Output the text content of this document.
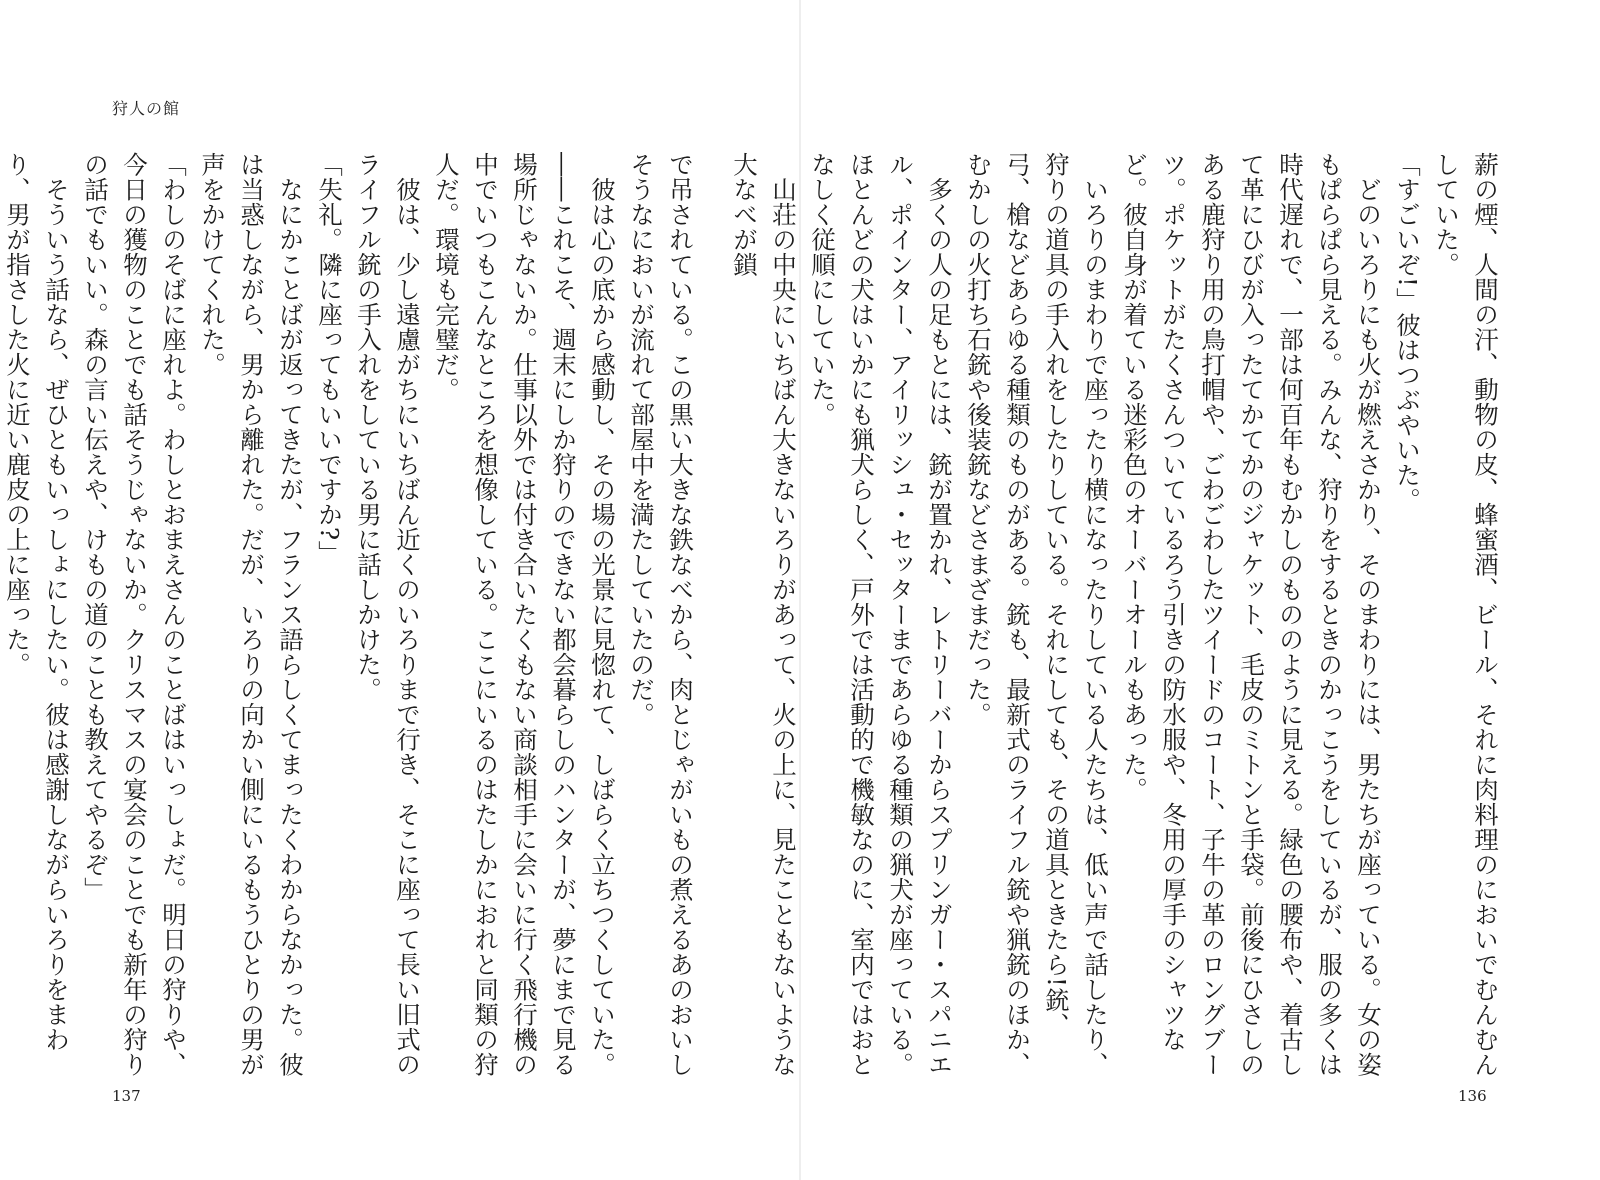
狩人の館

で吊されている。この黒い大きな鉄なべから、肉とじゃがいもの煮えるあのおいしそうなにおいが流れて部屋中を満たしていたのだ。

　彼は心の底から感動し、その場の光景に見惚れて、しばらく立ちつくしていた。

――これこそ、週末にしか狩りのできない都会暮らしのハンターが、夢にまで見る場所じゃないか。仕事以外では付き合いたくもない商談相手に会いに行く飛行機の中でいつもこんなところを想像している。ここにいるのはたしかにおれと同類の狩人だ。環境も完璧だ。

　彼は、少し遠慮がちにいちばん近くのいろりまで行き、そこに座って長い旧式のライフル銃の手入れをしている男に話しかけた。

「失礼。隣に座ってもいいですか?」

　なにかことばが返ってきたが、フランス語らしくてまったくわからなかった。彼は当惑しながら、男から離れた。だが、いろりの向かい側にいるもうひとりの男が声をかけてくれた。

「わしのそばに座れよ。わしとおまえさんのことばはいっしょだ。明日の狩りや、今日の獲物のことでも話そうじゃないか。クリスマスの宴会のことでも新年の狩りの話でもいい。森の言い伝えや、けもの道のことも教えてやるぞ」

　そういう話なら、ぜひともいっしょにしたい。彼は感謝しながらいろりをまわり、男が指さした火に近い鹿皮の上に座った。

137

薪の煙、人間の汗、動物の皮、蜂蜜酒、ビール、それに肉料理のにおいでむんむんしていた。

「すごいぞ!」彼はつぶやいた。

　どのいろりにも火が燃えさかり、そのまわりには、男たちが座っている。女の姿もぱらぱら見える。みんな、狩りをするときのかっこうをしているが、服の多くは時代遅れで、一部は何百年もむかしのもののように見える。緑色の腰布や、着古して革にひびが入ったてかてかのジャケット、毛皮のミトンと手袋。前後にひさしのある鹿狩り用の鳥打帽や、ごわごわしたツイードのコート、子牛の革のロングブーツ。ポケットがたくさんついているろう引きの防水服や、冬用の厚手のシャツなど。彼自身が着ている迷彩色のオーバーオールもあった。

　いろりのまわりで座ったり横になったりしている人たちは、低い声で話したり、狩りの道具の手入れをしたりしている。それにしても、その道具ときたら!銃、弓、槍などあらゆる種類のものがある。銃も、最新式のライフル銃や猟銃のほか、むかしの火打ち石銃や後装銃などさまざまだった。

　多くの人の足もとには、銃が置かれ、レトリーバーからスプリンガー・スパニエル、ポインター、アイリッシュ・セッターまであらゆる種類の猟犬が座っている。ほとんどの犬はいかにも猟犬らしく、戸外では活動的で機敏なのに、室内ではおとなしく従順にしていた。

　山荘の中央にいちばん大きないろりがあって、火の上に、見たこともないような大なべが鎖

136
